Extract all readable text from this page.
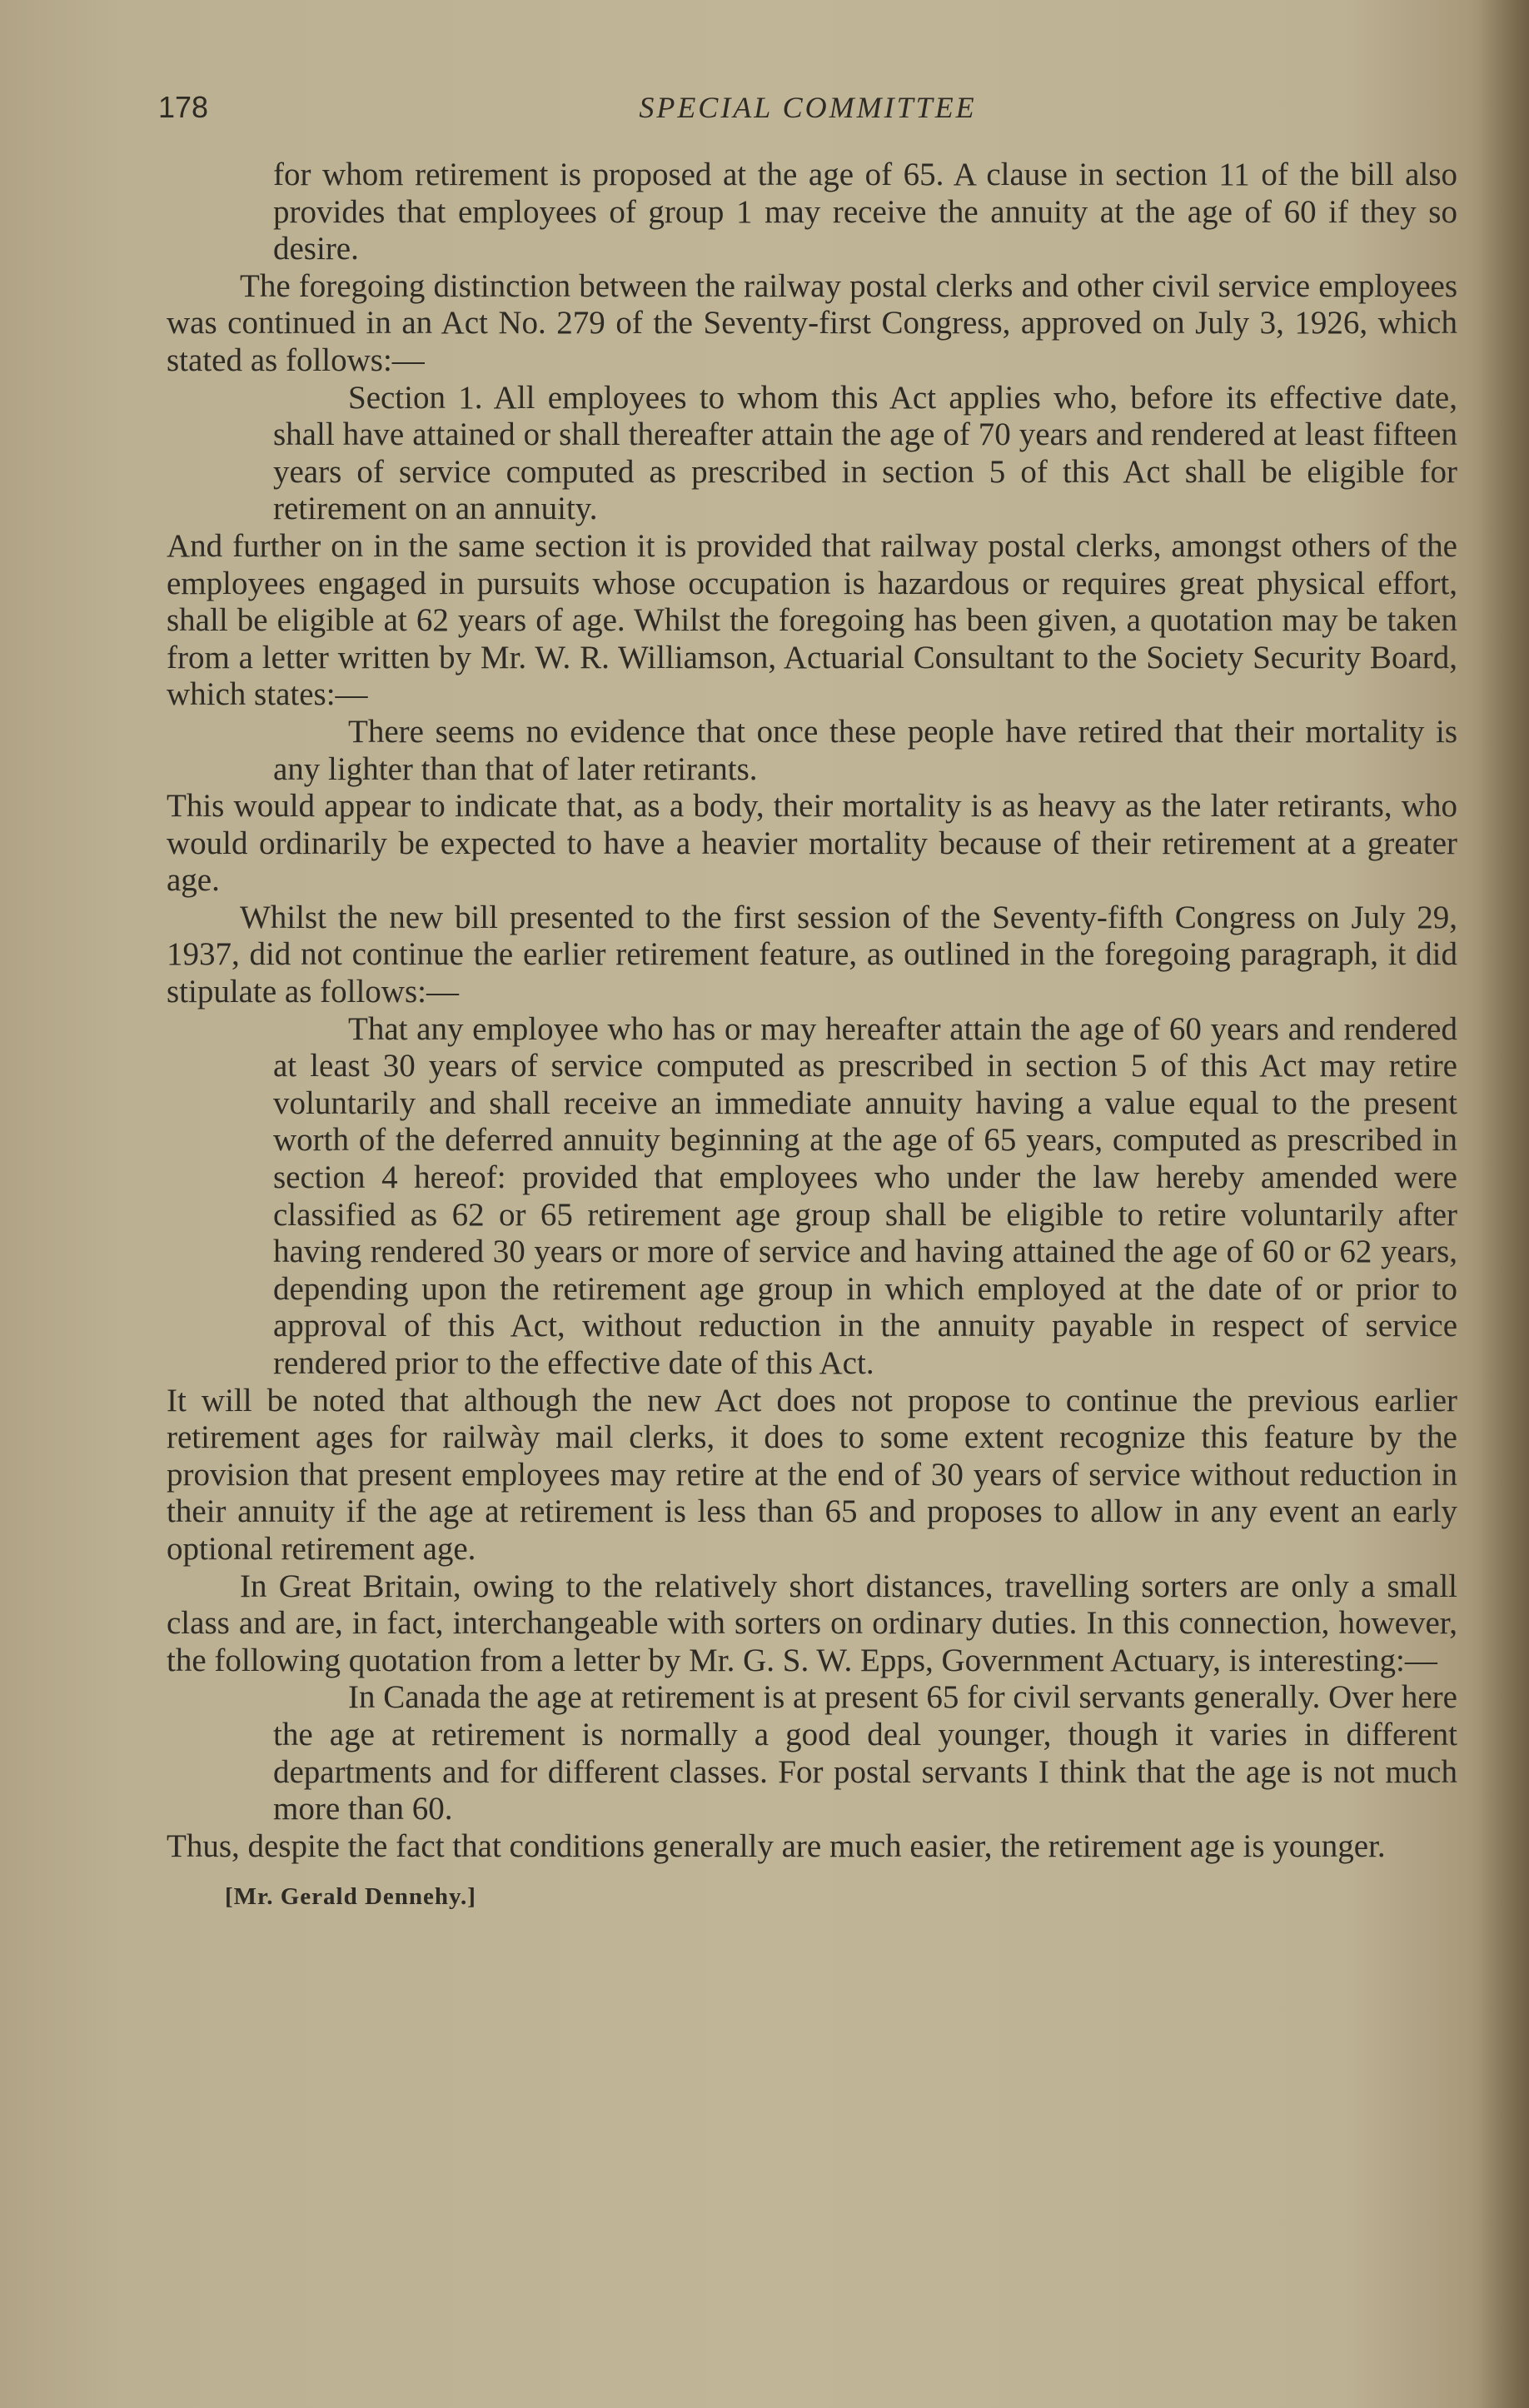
178	SPECIAL COMMITTEE

for whom retirement is proposed at the age of 65. A clause in section 11 of the bill also provides that employees of group 1 may receive the annuity at the age of 60 if they so desire.

The foregoing distinction between the railway postal clerks and other civil service employees was continued in an Act No. 279 of the Seventy-first Congress, approved on July 3, 1926, which stated as follows:—

Section 1. All employees to whom this Act applies who, before its effective date, shall have attained or shall thereafter attain the age of 70 years and rendered at least fifteen years of service computed as prescribed in section 5 of this Act shall be eligible for retirement on an annuity.

And further on in the same section it is provided that railway postal clerks, amongst others of the employees engaged in pursuits whose occupation is hazardous or requires great physical effort, shall be eligible at 62 years of age. Whilst the foregoing has been given, a quotation may be taken from a letter written by Mr. W. R. Williamson, Actuarial Consultant to the Society Security Board, which states:—

There seems no evidence that once these people have retired that their mortality is any lighter than that of later retirants.

This would appear to indicate that, as a body, their mortality is as heavy as the later retirants, who would ordinarily be expected to have a heavier mortality because of their retirement at a greater age.

Whilst the new bill presented to the first session of the Seventy-fifth Congress on July 29, 1937, did not continue the earlier retirement feature, as outlined in the foregoing paragraph, it did stipulate as follows:—

That any employee who has or may hereafter attain the age of 60 years and rendered at least 30 years of service computed as prescribed in section 5 of this Act may retire voluntarily and shall receive an immediate annuity having a value equal to the present worth of the deferred annuity beginning at the age of 65 years, computed as prescribed in section 4 hereof: provided that employees who under the law hereby amended were classified as 62 or 65 retirement age group shall be eligible to retire voluntarily after having rendered 30 years or more of service and having attained the age of 60 or 62 years, depending upon the retirement age group in which employed at the date of or prior to approval of this Act, without reduction in the annuity payable in respect of service rendered prior to the effective date of this Act.

It will be noted that although the new Act does not propose to continue the previous earlier retirement ages for railwày mail clerks, it does to some extent recognize this feature by the provision that present employees may retire at the end of 30 years of service without reduction in their annuity if the age at retirement is less than 65 and proposes to allow in any event an early optional retirement age.

In Great Britain, owing to the relatively short distances, travelling sorters are only a small class and are, in fact, interchangeable with sorters on ordinary duties. In this connection, however, the following quotation from a letter by Mr. G. S. W. Epps, Government Actuary, is interesting:—

In Canada the age at retirement is at present 65 for civil servants generally. Over here the age at retirement is normally a good deal younger, though it varies in different departments and for different classes. For postal servants I think that the age is not much more than 60.

Thus, despite the fact that conditions generally are much easier, the retirement age is younger.

[Mr. Gerald Dennehy.]
